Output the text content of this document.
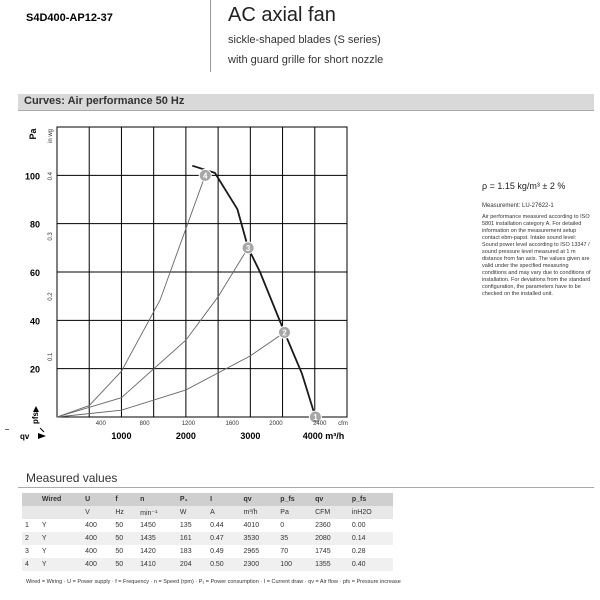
S4D400-AP12-37	AC axial fan
sickle-shaped blades (S series)
with guard grille for short nozzle
Curves: Air performance 50 Hz
1
2
3
4
20
40
60
80
100
0.1
0.2
0.3
0.4
Pa in wg
pfs	400	800	1200	1600	2000	2400 cfm
1000	2000	3000	4000 m³/h
qv
ρ = 1.15 kg/m³ ± 2 %
Measurement: LU-27622-1
Air performance measured according to ISO 5801 installation category A. For detailed information on the measurement setup contact ebm-papst. Intake sound level: Sound power level according to ISO 13347 / sound pressure level measured at 1 m distance from fan axis. The values given are valid under the specified measuring conditions and may vary due to conditions of installation. For deviations from the standard configuration, the parameters have to be checked on the installed unit.
Measured values
	Wired	U	f	n	P₁	I	qv	p_fs	qv	p_fs
		V	Hz	min⁻¹	W	A	m³/h	Pa	CFM	inH2O
1	Y	400	50	1450	135	0.44	4010	0	2360	0.00
2	Y	400	50	1435	161	0.47	3530	35	2080	0.14
3	Y	400	50	1420	183	0.49	2965	70	1745	0.28
4	Y	400	50	1410	204	0.50	2300	100	1355	0.40
Wired = Wiring · U = Power supply · f = Frequency · n = Speed (rpm) · P₁ = Power consumption · I = Current draw · qv = Air flow · pfs = Pressure increase
